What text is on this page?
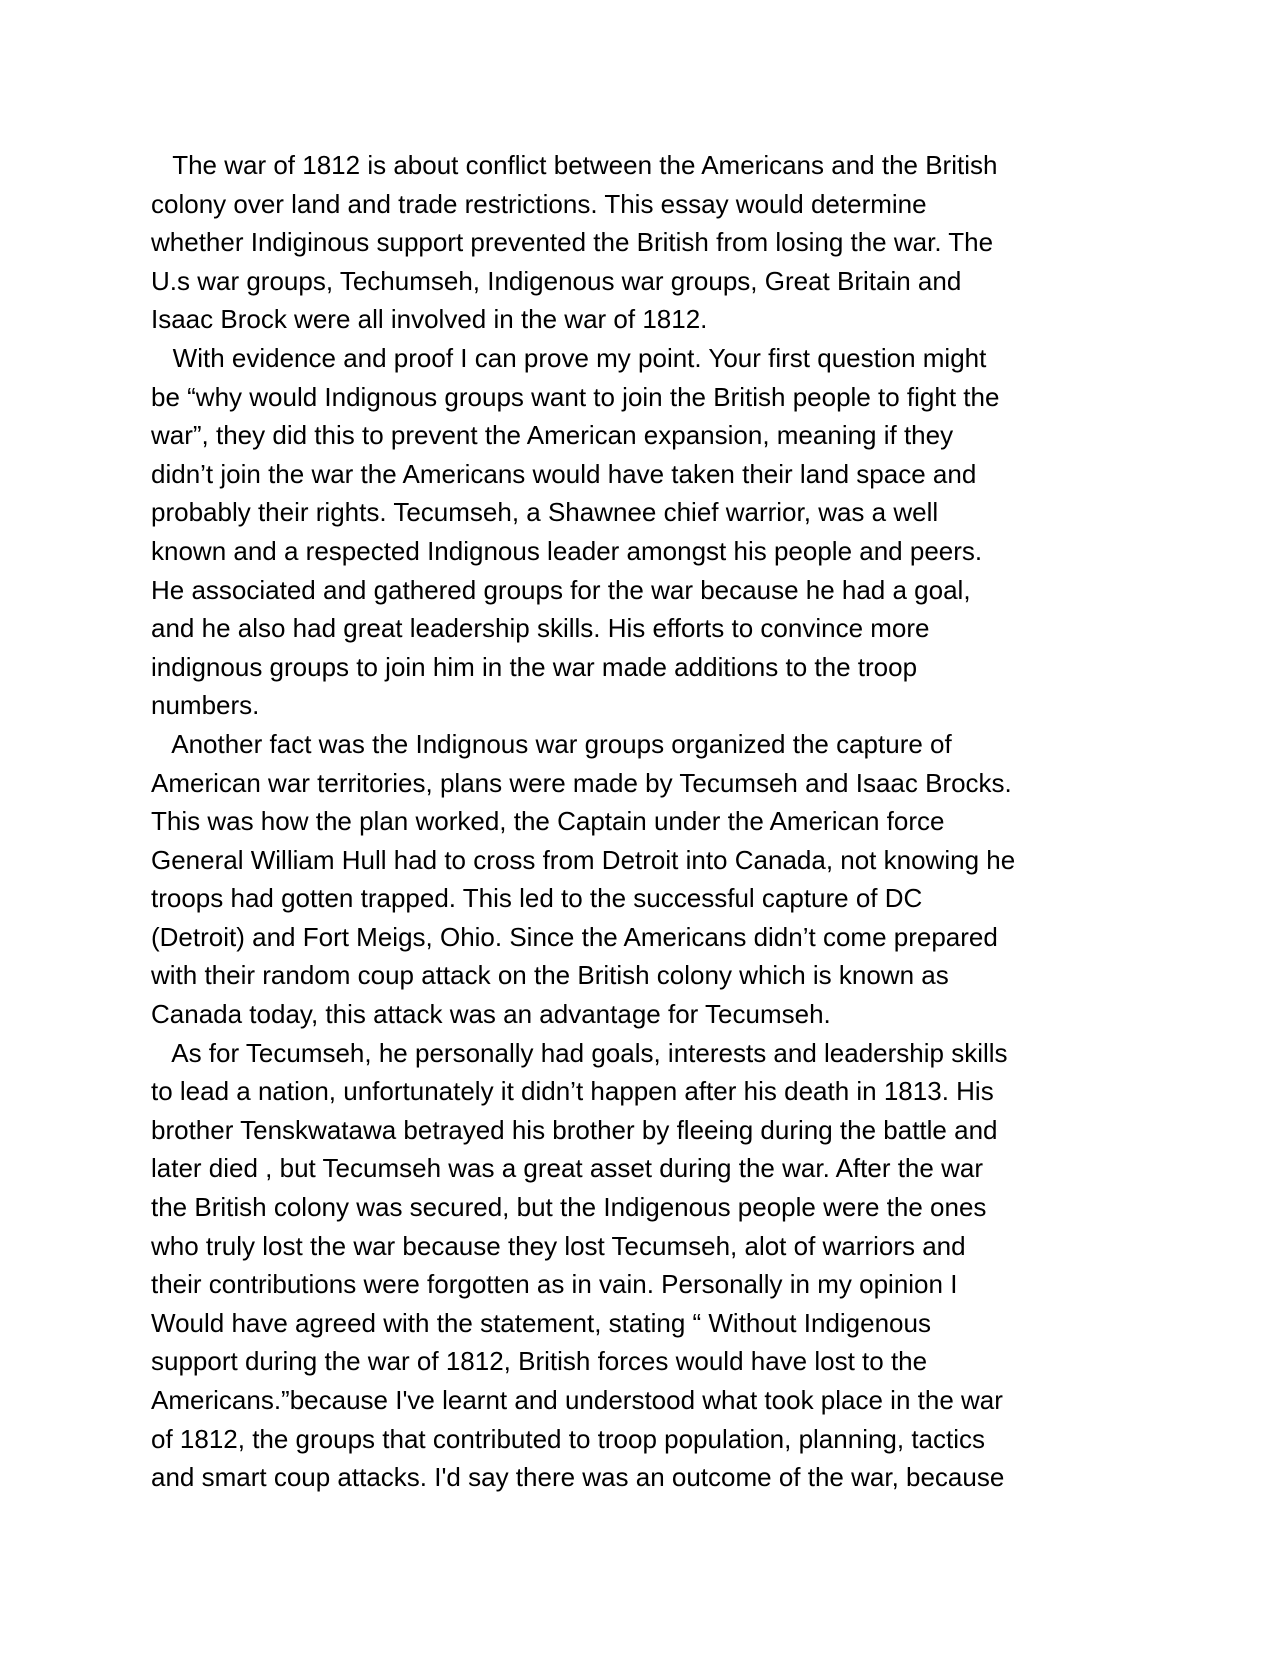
The war of 1812 is about conflict between the Americans and the British
colony over land and trade restrictions. This essay would determine
whether Indiginous support prevented the British from losing the war. The
U.s war groups, Techumseh, Indigenous war groups, Great Britain and
Isaac Brock were all involved in the war of 1812.
With evidence and proof I can prove my point. Your first question might
be “why would Indignous groups want to join the British people to fight the
war”, they did this to prevent the American expansion, meaning if they
didn’t join the war the Americans would have taken their land space and
probably their rights. Tecumseh, a Shawnee chief warrior, was a well
known and a respected Indignous leader amongst his people and peers.
He associated and gathered groups for the war because he had a goal,
and he also had great leadership skills. His efforts to convince more
indignous groups to join him in the war made additions to the troop
numbers.
Another fact was the Indignous war groups organized the capture of
American war territories, plans were made by Tecumseh and Isaac Brocks.
This was how the plan worked, the Captain under the American force
General William Hull had to cross from Detroit into Canada, not knowing he
troops had gotten trapped. This led to the successful capture of DC
(Detroit) and Fort Meigs, Ohio. Since the Americans didn’t come prepared
with their random coup attack on the British colony which is known as
Canada today, this attack was an advantage for Tecumseh.
As for Tecumseh, he personally had goals, interests and leadership skills
to lead a nation, unfortunately it didn’t happen after his death in 1813. His
brother Tenskwatawa betrayed his brother by fleeing during the battle and
later died , but Tecumseh was a great asset during the war. After the war
the British colony was secured, but the Indigenous people were the ones
who truly lost the war because they lost Tecumseh, alot of warriors and
their contributions were forgotten as in vain. Personally in my opinion I
Would have agreed with the statement, stating “ Without Indigenous
support during the war of 1812, British forces would have lost to the
Americans.”because I've learnt and understood what took place in the war
of 1812, the groups that contributed to troop population, planning, tactics
and smart coup attacks. I'd say there was an outcome of the war, because
